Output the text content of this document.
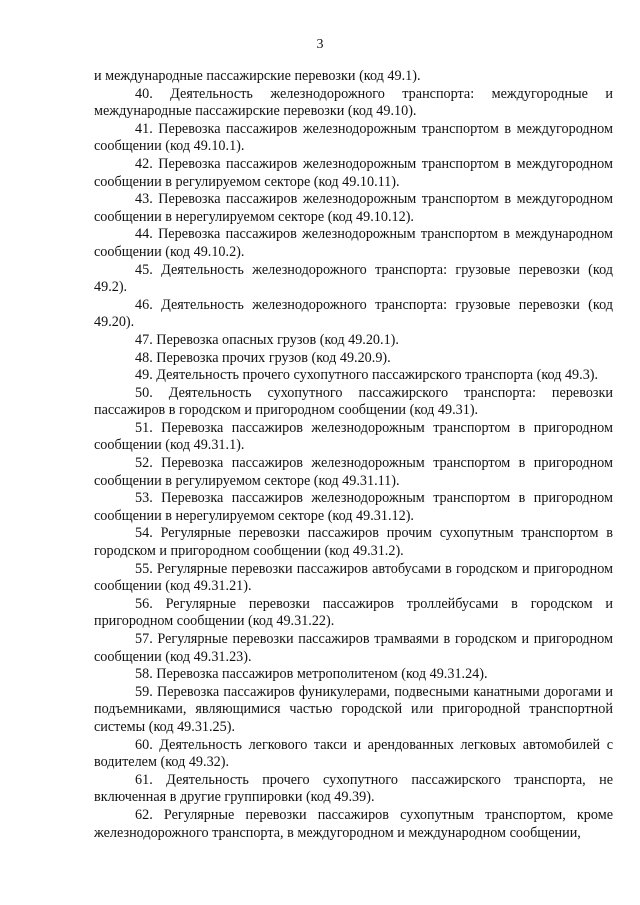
3

и международные пассажирские перевозки (код 49.1).

40. Деятельность железнодорожного транспорта: междугородные и международные пассажирские перевозки (код 49.10).

41. Перевозка пассажиров железнодорожным транспортом в междугородном сообщении (код 49.10.1).

42. Перевозка пассажиров железнодорожным транспортом в междугородном сообщении в регулируемом секторе (код 49.10.11).

43. Перевозка пассажиров железнодорожным транспортом в междугородном сообщении в нерегулируемом секторе (код 49.10.12).

44. Перевозка пассажиров железнодорожным транспортом в международном сообщении (код 49.10.2).

45. Деятельность железнодорожного транспорта: грузовые перевозки (код 49.2).

46. Деятельность железнодорожного транспорта: грузовые перевозки (код 49.20).

47. Перевозка опасных грузов (код 49.20.1).

48. Перевозка прочих грузов (код 49.20.9).

49. Деятельность прочего сухопутного пассажирского транспорта (код 49.3).

50. Деятельность сухопутного пассажирского транспорта: перевозки пассажиров в городском и пригородном сообщении (код 49.31).

51. Перевозка пассажиров железнодорожным транспортом в пригородном сообщении (код 49.31.1).

52. Перевозка пассажиров железнодорожным транспортом в пригородном сообщении в регулируемом секторе (код 49.31.11).

53. Перевозка пассажиров железнодорожным транспортом в пригородном сообщении в нерегулируемом секторе (код 49.31.12).

54. Регулярные перевозки пассажиров прочим сухопутным транспортом в городском и пригородном сообщении (код 49.31.2).

55. Регулярные перевозки пассажиров автобусами в городском и пригородном сообщении (код 49.31.21).

56. Регулярные перевозки пассажиров троллейбусами в городском и пригородном сообщении (код 49.31.22).

57. Регулярные перевозки пассажиров трамваями в городском и пригородном сообщении (код 49.31.23).

58. Перевозка пассажиров метрополитеном (код 49.31.24).

59. Перевозка пассажиров фуникулерами, подвесными канатными дорогами и подъемниками, являющимися частью городской или пригородной транспортной системы (код 49.31.25).

60. Деятельность легкового такси и арендованных легковых автомобилей с водителем (код 49.32).

61. Деятельность прочего сухопутного пассажирского транспорта, не включенная в другие группировки (код 49.39).

62. Регулярные перевозки пассажиров сухопутным транспортом, кроме железнодорожного транспорта, в междугородном и международном сообщении,
